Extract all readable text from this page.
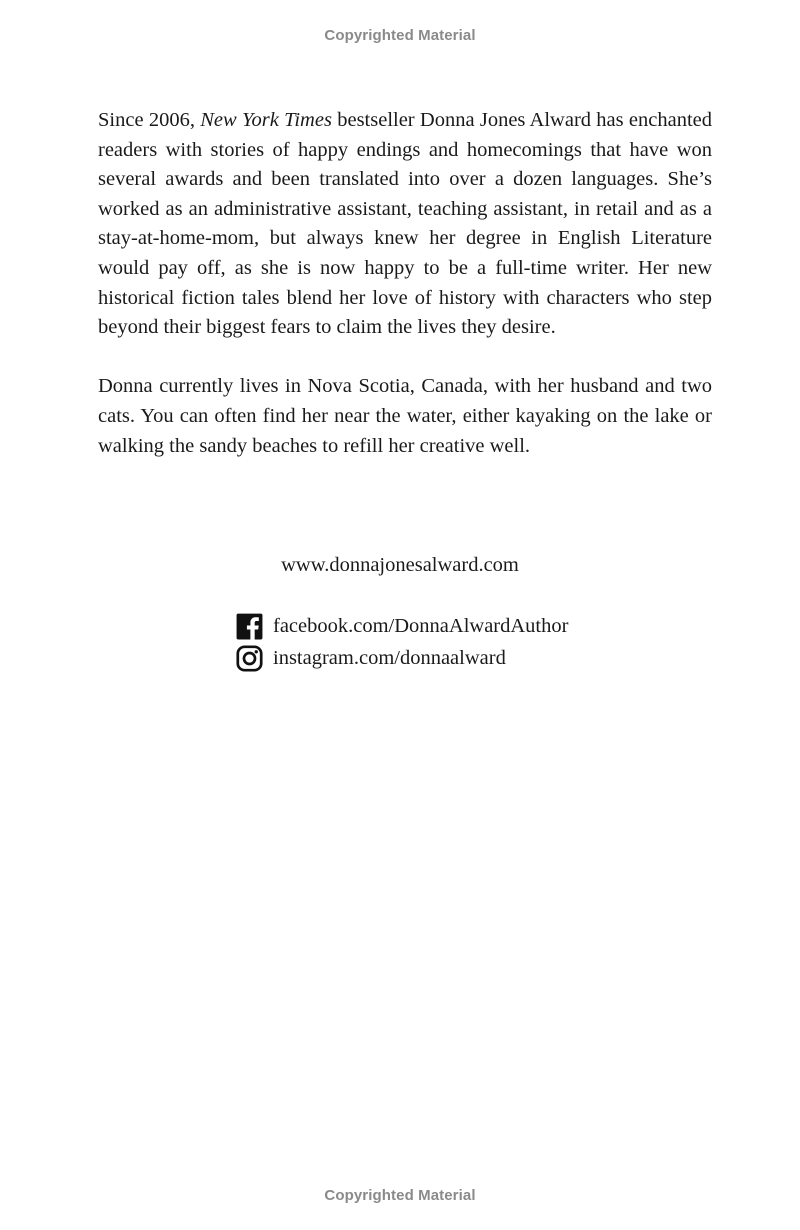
Copyrighted Material

Since 2006, New York Times bestseller Donna Jones Alward has enchanted readers with stories of happy endings and homecomings that have won several awards and been translated into over a dozen languages. She’s worked as an administrative assistant, teaching assistant, in retail and as a stay-at-home-mom, but always knew her degree in English Literature would pay off, as she is now happy to be a full-time writer. Her new historical fiction tales blend her love of history with characters who step beyond their biggest fears to claim the lives they desire.

Donna currently lives in Nova Scotia, Canada, with her husband and two cats. You can often find her near the water, either kayaking on the lake or walking the sandy beaches to refill her creative well.

www.donnajonesalward.com
facebook.com/DonnaAlwardAuthor
instagram.com/donnaalward
Copyrighted Material
